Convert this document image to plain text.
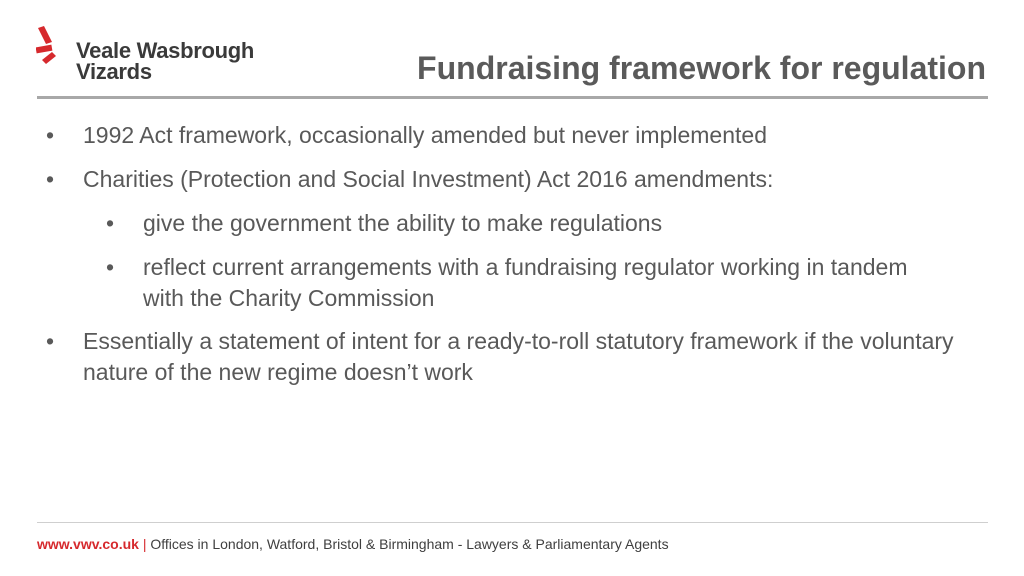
Veale Wasbrough
Vizards	Fundraising framework for regulation
• 1992 Act framework, occasionally amended but never implemented
• Charities (Protection and Social Investment) Act 2016 amendments:
• give the government the ability to make regulations
• reflect current arrangements with a fundraising regulator working in tandem with the Charity Commission
• Essentially a statement of intent for a ready-to-roll statutory framework if the voluntary nature of the new regime doesn’t work
www.vwv.co.uk | Offices in London, Watford, Bristol & Birmingham - Lawyers & Parliamentary Agents
